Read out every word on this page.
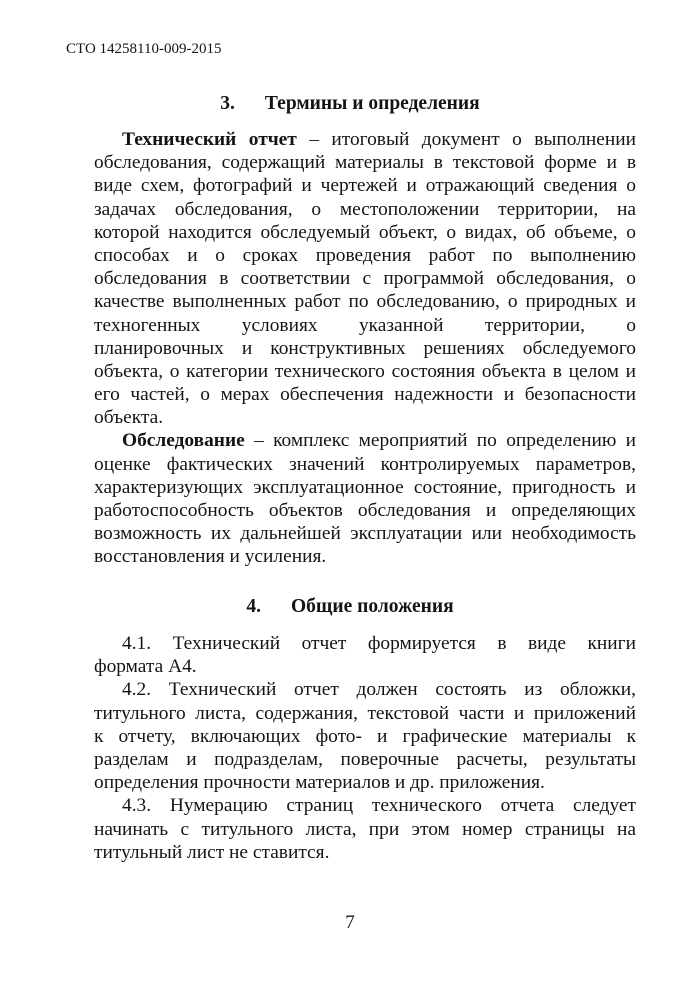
СТО 14258110-009-2015
3. Термины и определения
Технический отчет – итоговый документ о выполнении
обследования, содержащий материалы в текстовой форме и в
виде схем, фотографий и чертежей и отражающий сведения о
задачах обследования, о местоположении территории, на
которой находится обследуемый объект, о видах, об объеме, о
способах и о сроках проведения работ по выполнению
обследования в соответствии с программой обследования, о
качестве выполненных работ по обследованию, о природных и
техногенных условиях указанной территории, о
планировочных и конструктивных решениях обследуемого
объекта, о категории технического состояния объекта в целом и
его частей, о мерах обеспечения надежности и безопасности
объекта.
Обследование – комплекс мероприятий по определению и
оценке фактических значений контролируемых параметров,
характеризующих эксплуатационное состояние, пригодность и
работоспособность объектов обследования и определяющих
возможность их дальнейшей эксплуатации или необходимость
восстановления и усиления.
4. Общие положения
4.1. Технический отчет формируется в виде книги
формата А4.
4.2. Технический отчет должен состоять из обложки,
титульного листа, содержания, текстовой части и приложений
к отчету, включающих фото- и графические материалы к
разделам и подразделам, поверочные расчеты, результаты
определения прочности материалов и др. приложения.
4.3. Нумерацию страниц технического отчета следует
начинать с титульного листа, при этом номер страницы на
титульный лист не ставится.
7
